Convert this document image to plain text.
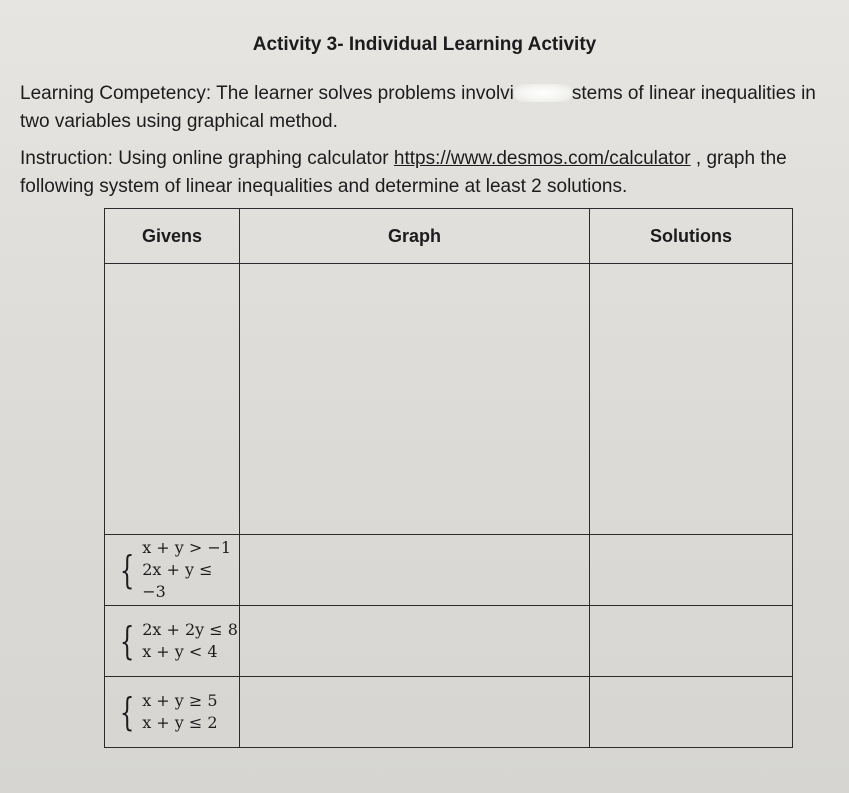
Activity 3- Individual Learning Activity
Learning Competency: The learner solves problems involvi	stems of linear inequalities in two variables using graphical method.
Instruction: Using online graphing calculator https://www.desmos.com/calculator , graph the following system of linear inequalities and determine at least 2 solutions.
Givens	Graph	Solutions

{
x + y > −1
2x + y ≤ −3		

{ 2x + 2y ≤ 8
x + y < 4		

{ x + y ≥ 5
x + y ≤ 2		
